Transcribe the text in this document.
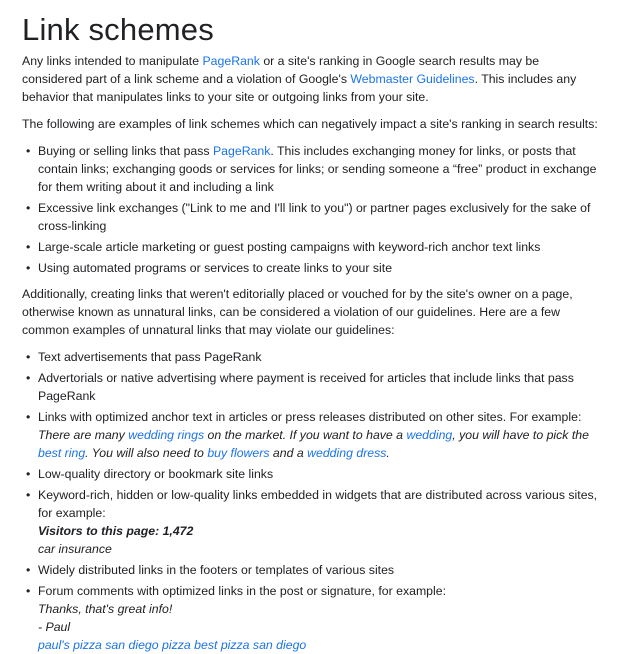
Link schemes

Any links intended to manipulate PageRank or a site's ranking in Google search results may be considered part of a link scheme and a violation of Google's Webmaster Guidelines. This includes any behavior that manipulates links to your site or outgoing links from your site.

The following are examples of link schemes which can negatively impact a site's ranking in search results:

• Buying or selling links that pass PageRank. This includes exchanging money for links, or posts that contain links; exchanging goods or services for links; or sending someone a “free” product in exchange for them writing about it and including a link
• Excessive link exchanges ("Link to me and I'll link to you") or partner pages exclusively for the sake of cross-linking
• Large-scale article marketing or guest posting campaigns with keyword-rich anchor text links
• Using automated programs or services to create links to your site

Additionally, creating links that weren't editorially placed or vouched for by the site's owner on a page, otherwise known as unnatural links, can be considered a violation of our guidelines. Here are a few common examples of unnatural links that may violate our guidelines:

• Text advertisements that pass PageRank
• Advertorials or native advertising where payment is received for articles that include links that pass PageRank
• Links with optimized anchor text in articles or press releases distributed on other sites. For example:
There are many wedding rings on the market. If you want to have a wedding, you will have to pick the best ring. You will also need to buy flowers and a wedding dress.
• Low-quality directory or bookmark site links
• Keyword-rich, hidden or low-quality links embedded in widgets that are distributed across various sites, for example:
Visitors to this page: 1,472
car insurance
• Widely distributed links in the footers or templates of various sites
• Forum comments with optimized links in the post or signature, for example:
Thanks, that's great info!
- Paul
paul's pizza san diego pizza best pizza san diego
